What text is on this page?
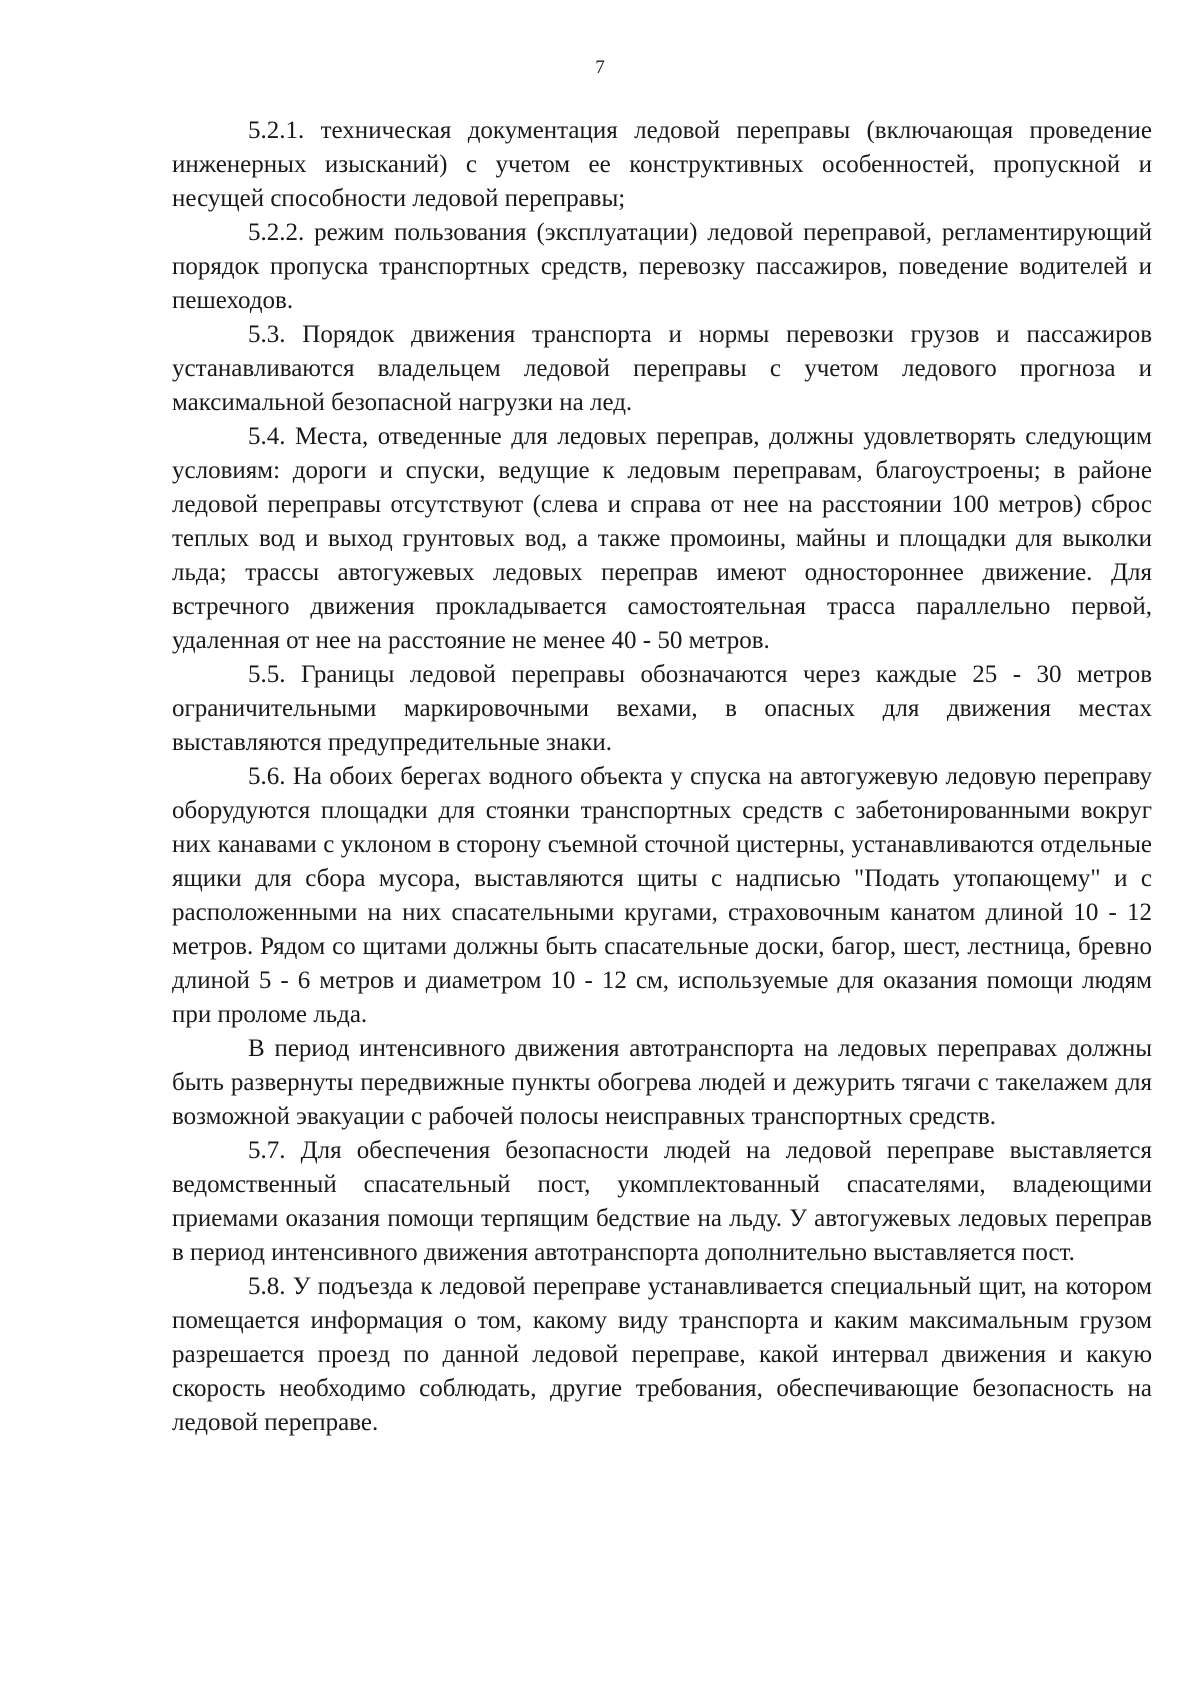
7

5.2.1. техническая документация ледовой переправы (включающая проведение инженерных изысканий) с учетом ее конструктивных особенностей, пропускной и несущей способности ледовой переправы;

5.2.2. режим пользования (эксплуатации) ледовой переправой, регламентирующий порядок пропуска транспортных средств, перевозку пассажиров, поведение водителей и пешеходов.

5.3. Порядок движения транспорта и нормы перевозки грузов и пассажиров устанавливаются владельцем ледовой переправы с учетом ледового прогноза и максимальной безопасной нагрузки на лед.

5.4. Места, отведенные для ледовых переправ, должны удовлетворять следующим условиям: дороги и спуски, ведущие к ледовым переправам, благоустроены; в районе ледовой переправы отсутствуют (слева и справа от нее на расстоянии 100 метров) сброс теплых вод и выход грунтовых вод, а также промоины, майны и площадки для выколки льда; трассы автогужевых ледовых переправ имеют одностороннее движение. Для встречного движения прокладывается самостоятельная трасса параллельно первой, удаленная от нее на расстояние не менее 40 - 50 метров.

5.5. Границы ледовой переправы обозначаются через каждые 25 - 30 метров ограничительными маркировочными вехами, в опасных для движения местах выставляются предупредительные знаки.

5.6. На обоих берегах водного объекта у спуска на автогужевую ледовую переправу оборудуются площадки для стоянки транспортных средств с забетонированными вокруг них канавами с уклоном в сторону съемной сточной цистерны, устанавливаются отдельные ящики для сбора мусора, выставляются щиты с надписью "Подать утопающему" и с расположенными на них спасательными кругами, страховочным канатом длиной 10 - 12 метров. Рядом со щитами должны быть спасательные доски, багор, шест, лестница, бревно длиной 5 - 6 метров и диаметром 10 - 12 см, используемые для оказания помощи людям при проломе льда.

В период интенсивного движения автотранспорта на ледовых переправах должны быть развернуты передвижные пункты обогрева людей и дежурить тягачи с такелажем для возможной эвакуации с рабочей полосы неисправных транспортных средств.

5.7. Для обеспечения безопасности людей на ледовой переправе выставляется ведомственный спасательный пост, укомплектованный спасателями, владеющими приемами оказания помощи терпящим бедствие на льду. У автогужевых ледовых переправ в период интенсивного движения автотранспорта дополнительно выставляется пост.

5.8. У подъезда к ледовой переправе устанавливается специальный щит, на котором помещается информация о том, какому виду транспорта и каким максимальным грузом разрешается проезд по данной ледовой переправе, какой интервал движения и какую скорость необходимо соблюдать, другие требования, обеспечивающие безопасность на ледовой переправе.
